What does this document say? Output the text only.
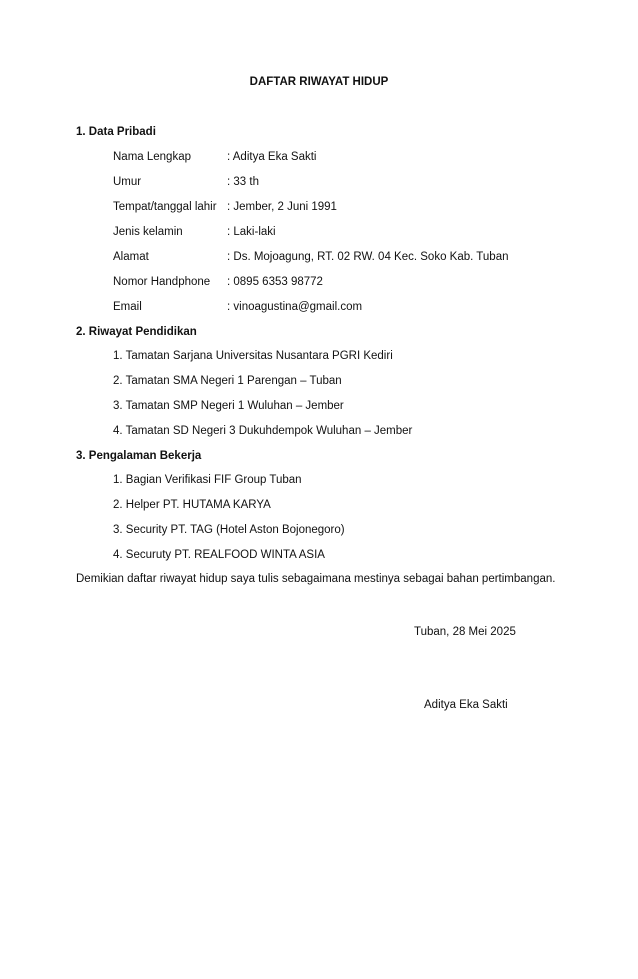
DAFTAR RIWAYAT HIDUP
1. Data Pribadi
Nama Lengkap	: Aditya Eka Sakti
Umur	: 33 th
Tempat/tanggal lahir : Jember, 2 Juni 1991
Jenis kelamin	: Laki-laki
Alamat	: Ds. Mojoagung, RT. 02 RW. 04 Kec. Soko Kab. Tuban
Nomor Handphone : 0895 6353 98772
Email	: vinoagustina@gmail.com
2. Riwayat Pendidikan
1. Tamatan Sarjana Universitas Nusantara PGRI Kediri
2. Tamatan SMA Negeri 1 Parengan – Tuban
3. Tamatan SMP Negeri 1 Wuluhan – Jember
4. Tamatan SD Negeri 3 Dukuhdempok Wuluhan – Jember
3. Pengalaman Bekerja
1. Bagian Verifikasi FIF Group Tuban
2. Helper PT. HUTAMA KARYA
3. Security PT. TAG (Hotel Aston Bojonegoro)
4. Securuty PT. REALFOOD WINTA ASIA
Demikian daftar riwayat hidup saya tulis sebagaimana mestinya sebagai bahan pertimbangan.
Tuban, 28 Mei 2025
Aditya Eka Sakti
